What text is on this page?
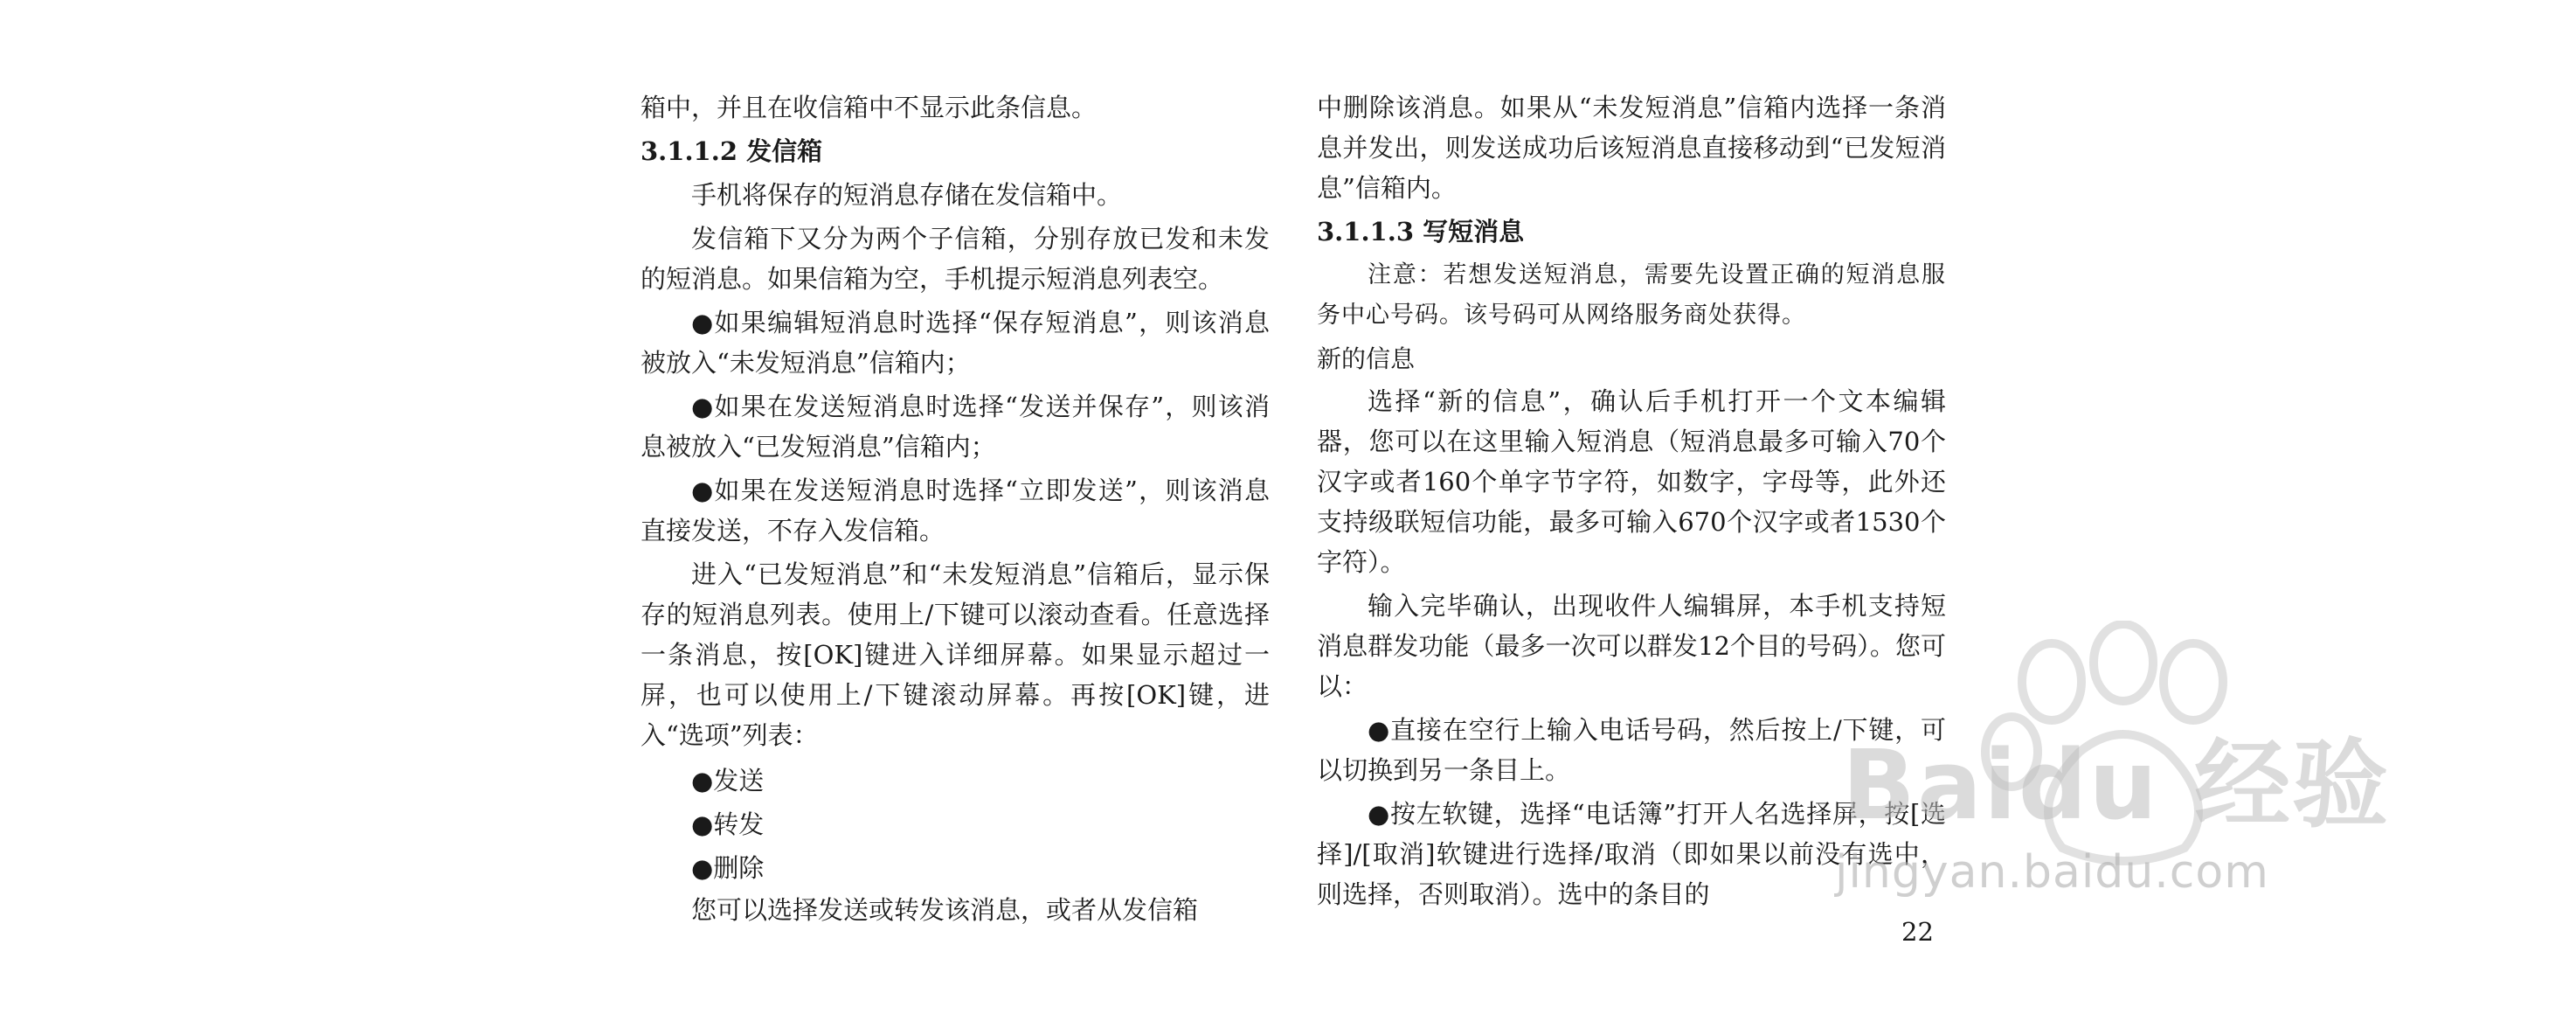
箱中，并且在收信箱中不显示此条信息。

3.1.1.2 发信箱

手机将保存的短消息存储在发信箱中。

发信箱下又分为两个子信箱，分别存放已发和未发的短消息。如果信箱为空，手机提示短消息列表空。

●如果编辑短消息时选择“保存短消息”，则该消息被放入“未发短消息”信箱内；

●如果在发送短消息时选择“发送并保存”，则该消息被放入“已发短消息”信箱内；

●如果在发送短消息时选择“立即发送”，则该消息直接发送，不存入发信箱。

进入“已发短消息”和“未发短消息”信箱后，显示保存的短消息列表。使用上/下键可以滚动查看。任意选择一条消息，按[OK]键进入详细屏幕。如果显示超过一屏，也可以使用上/下键滚动屏幕。再按[OK]键，进入“选项”列表：

●发送
●转发
●删除

您可以选择发送或转发该消息，或者从发信箱

中删除该消息。如果从“未发短消息”信箱内选择一条消息并发出，则发送成功后该短消息直接移动到“已发短消息”信箱内。

3.1.1.3 写短消息

注意：若想发送短消息，需要先设置正确的短消息服务中心号码。该号码可从网络服务商处获得。

新的信息

选择“新的信息”，确认后手机打开一个文本编辑器，您可以在这里输入短消息（短消息最多可输入70个汉字或者160个单字节字符，如数字，字母等，此外还支持级联短信功能，最多可输入670个汉字或者1530个字符）。

输入完毕确认，出现收件人编辑屏，本手机支持短消息群发功能（最多一次可以群发12个目的号码）。您可以：

●直接在空行上输入电话号码，然后按上/下键，可以切换到另一条目上。

●按左软键，选择“电话簿”打开人名选择屏，按[选择]/[取消]软键进行选择/取消（即如果以前没有选中，则选择，否则取消）。选中的条目的

22
Baidu 经验
jingyan.baidu.com
